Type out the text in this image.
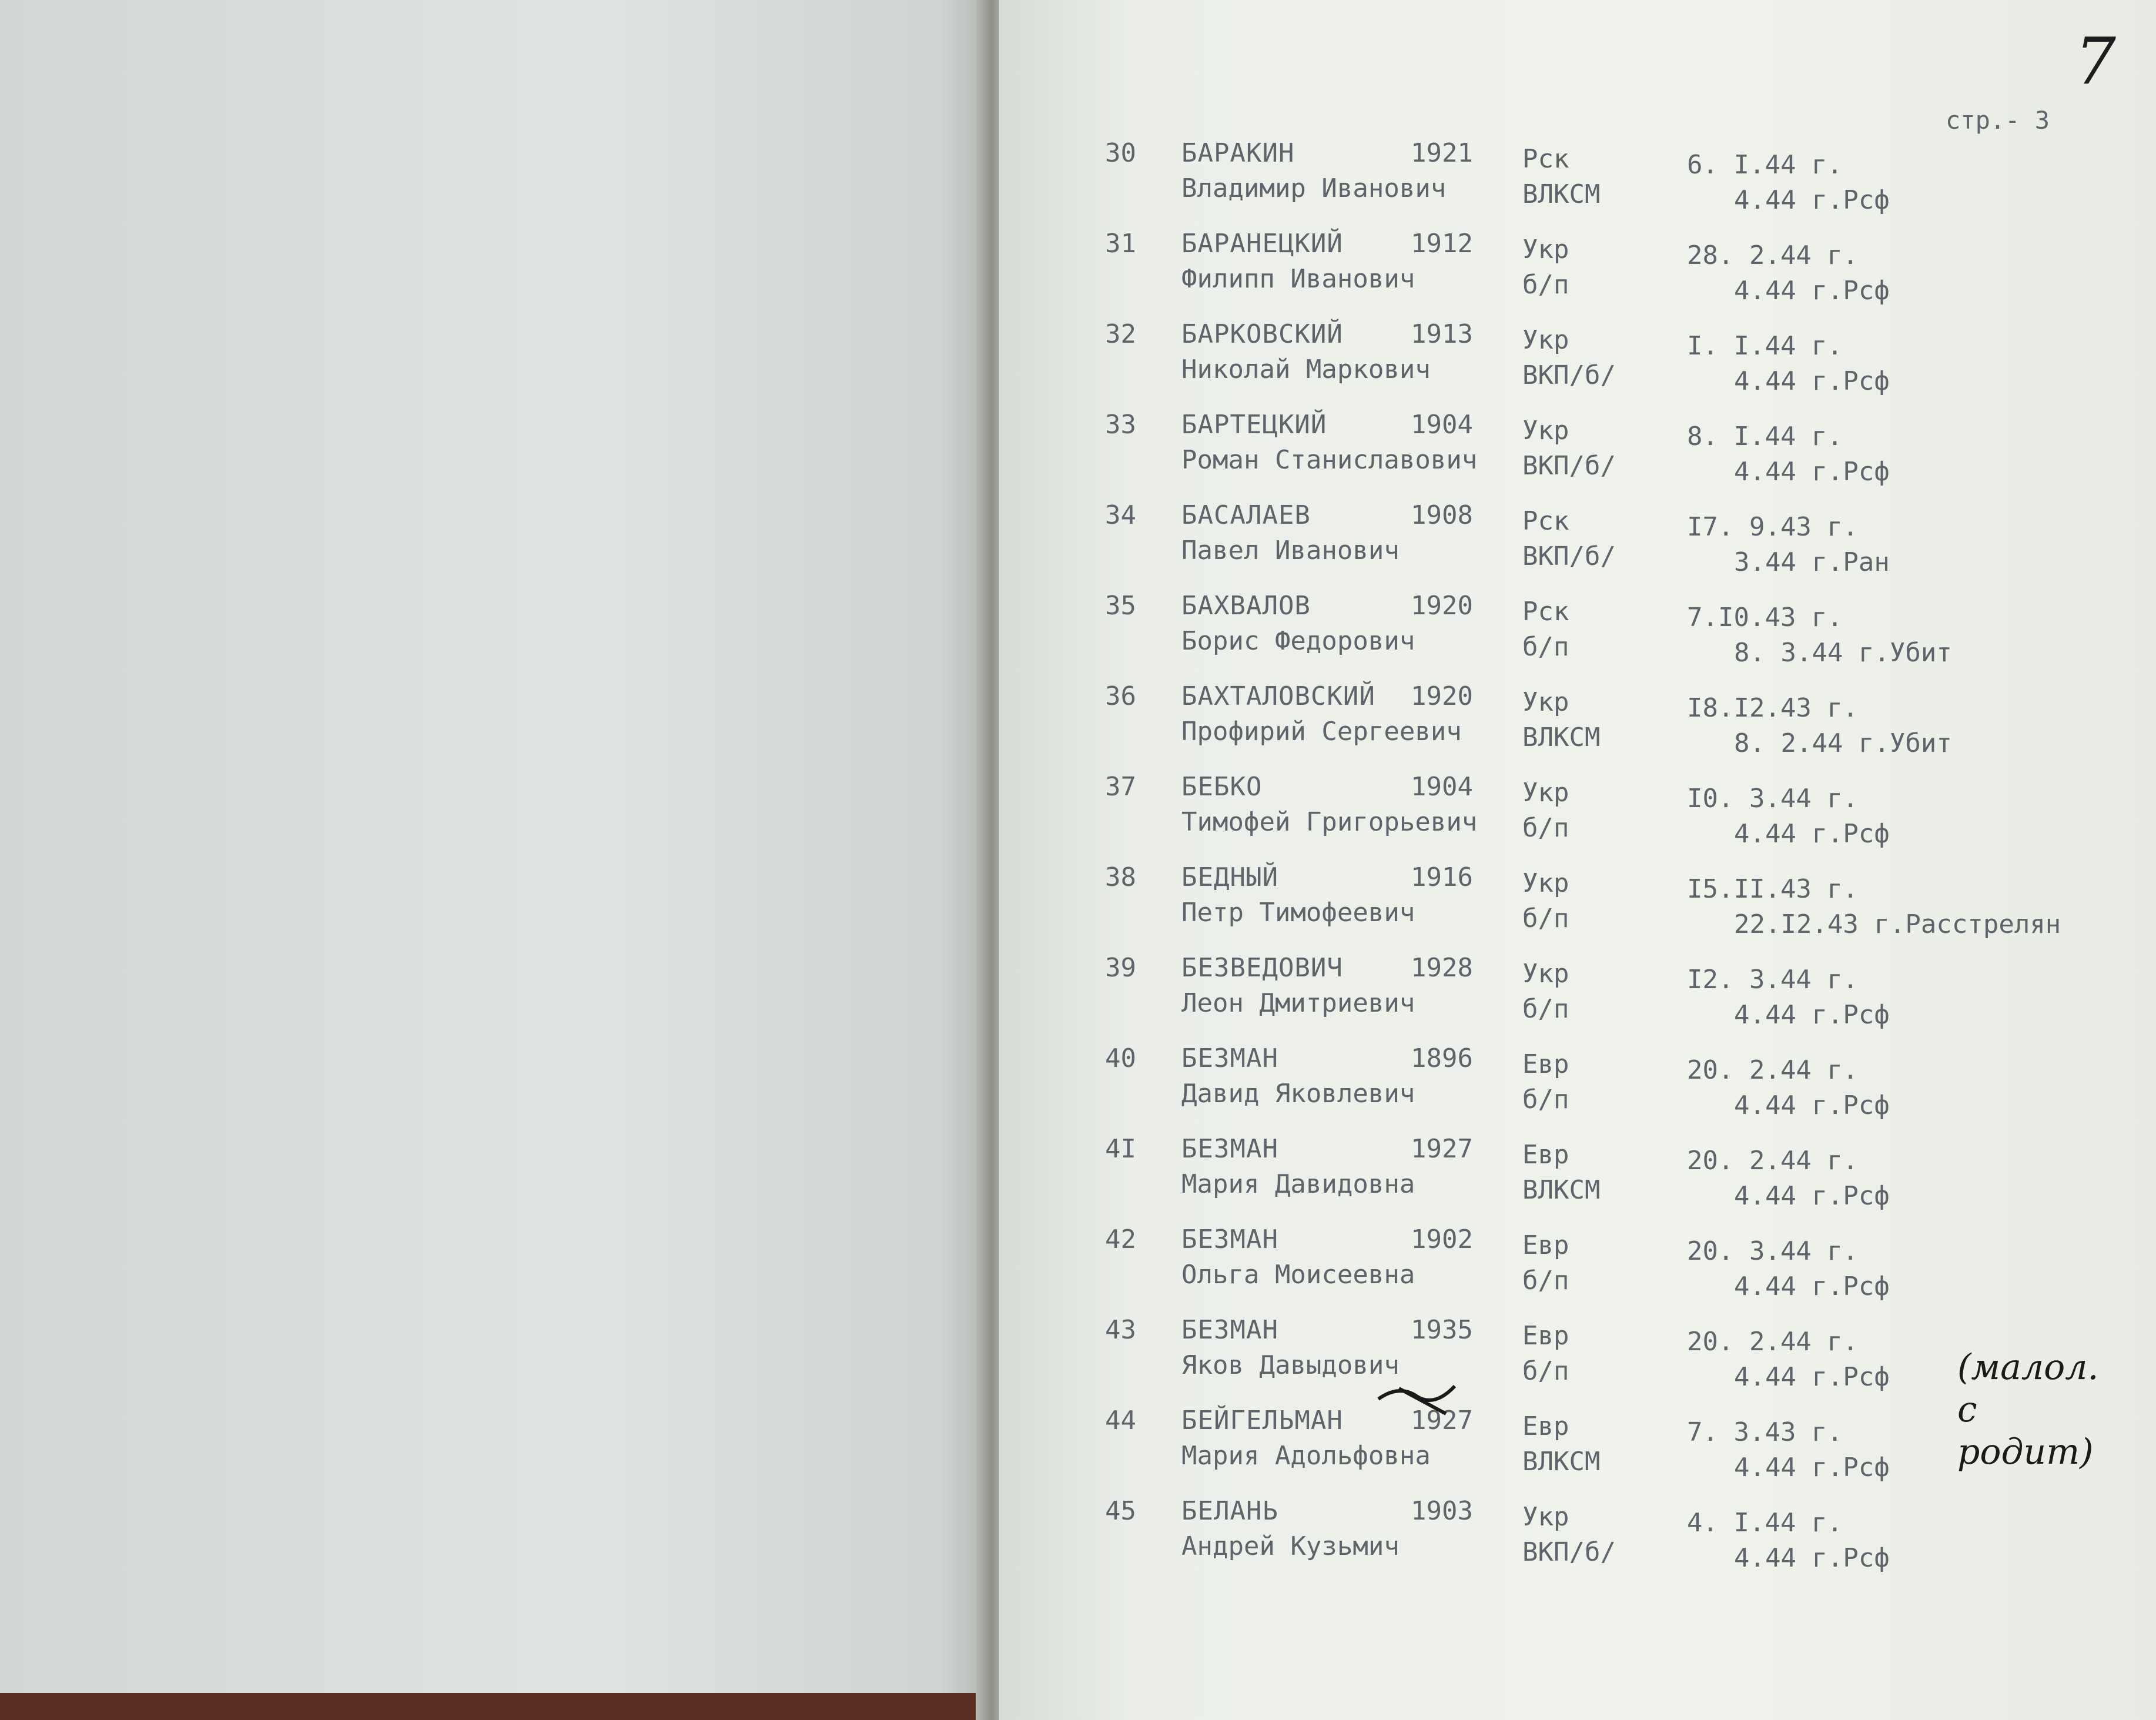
стр.- 3
7
30 БАРАКИН	1921 Рск	6. I.44 г.
Владимир Иванович	ВЛКСМ	4.44 г.Рсф
31 БАРАНЕЦКИЙ	1912 Укр	28. 2.44 г.
Филипп Иванович	б/п	4.44 г.Рсф
32 БАРКОВСКИЙ	1913 Укр	I. I.44 г.
Николай Маркович	ВКП/б/	4.44 г.Рсф
33 БАРТЕЦКИЙ	1904 Укр	8. I.44 г.
Роман Станиславович ВКП/б/	4.44 г.Рсф
34 БАСАЛАЕВ	1908 Рск	I7. 9.43 г.
Павел Иванович	ВКП/б/	3.44 г.Ран
35 БАХВАЛОВ	1920 Рск	7.I0.43 г.
Борис Федорович	б/п	8. 3.44 г.Убит
36 БАХТАЛОВСКИЙ 1920 Укр	I8.I2.43 г.
Профирий Сергеевич ВЛКСМ	8. 2.44 г.Убит
37 БЕБКО	1904 Укр	I0. 3.44 г.
Тимофей Григорьевич б/п	4.44 г.Рсф
38 БЕДНЫЙ	1916 Укр	I5.II.43 г.
Петр Тимофеевич	б/п	22.I2.43 г.Расстрелян
39 БЕЗВЕДОВИЧ	1928 Укр	I2. 3.44 г.
Леон Дмитриевич	б/п	4.44 г.Рсф
40 БЕЗМАН	1896 Евр	20. 2.44 г.
Давид Яковлевич	б/п	4.44 г.Рсф
4I БЕЗМАН	1927 Евр	20. 2.44 г.
Мария Давидовна	ВЛКСМ	4.44 г.Рсф
42 БЕЗМАН	1902 Евр	20. 3.44 г.
Ольга Моисеевна	б/п	4.44 г.Рсф
43 БЕЗМАН	1935 Евр	20. 2.44 г.
Яков Давыдович	б/п	4.44 г.Рсф
44 БЕЙГЕЛЬМАН	1927 Евр	7. 3.43 г.
Мария Адольфовна	ВЛКСМ	4.44 г.Рсф
45 БЕЛАНЬ	1903 Укр	4. I.44 г.
Андрей Кузьмич	ВКП/б/	4.44 г.Рсф
(малол.
с родит)
